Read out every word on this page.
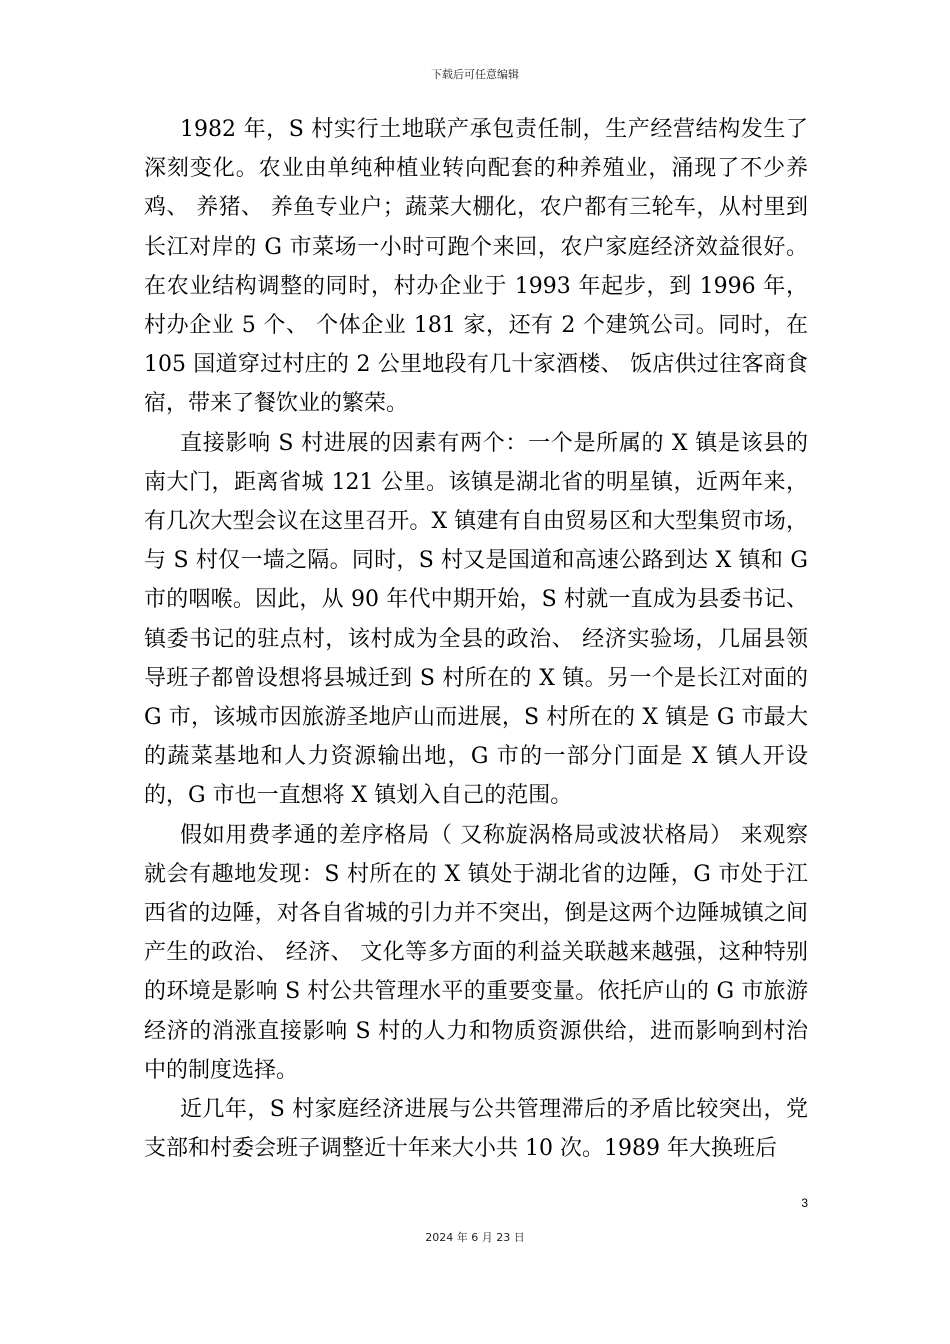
下载后可任意编辑

1982 年，S 村实行土地联产承包责任制，生产经营结构发生了深刻变化。农业由单纯种植业转向配套的种养殖业，涌现了不少养鸡、 养猪、 养鱼专业户；蔬菜大棚化，农户都有三轮车，从村里到长江对岸的 G 市菜场一小时可跑个来回，农户家庭经济效益很好。在农业结构调整的同时，村办企业于 1993 年起步，到 1996 年，村办企业 5 个、 个体企业 181 家，还有 2 个建筑公司。同时，在 105 国道穿过村庄的 2 公里地段有几十家酒楼、 饭店供过往客商食宿，带来了餐饮业的繁荣。

直接影响 S 村进展的因素有两个：一个是所属的 X 镇是该县的南大门，距离省城 121 公里。该镇是湖北省的明星镇，近两年来，有几次大型会议在这里召开。X 镇建有自由贸易区和大型集贸市场，与 S 村仅一墙之隔。同时，S 村又是国道和高速公路到达 X 镇和 G 市的咽喉。因此，从 90 年代中期开始，S 村就一直成为县委书记、 镇委书记的驻点村，该村成为全县的政治、 经济实验场，几届县领导班子都曾设想将县城迁到 S 村所在的 X 镇。另一个是长江对面的 G 市，该城市因旅游圣地庐山而进展，S 村所在的 X 镇是 G 市最大的蔬菜基地和人力资源输出地，G 市的一部分门面是 X 镇人开设的，G 市也一直想将 X 镇划入自己的范围。

假如用费孝通的差序格局（ 又称旋涡格局或波状格局） 来观察就会有趣地发现：S 村所在的 X 镇处于湖北省的边陲，G 市处于江西省的边陲，对各自省城的引力并不突出，倒是这两个边陲城镇之间产生的政治、 经济、 文化等多方面的利益关联越来越强，这种特别的环境是影响 S 村公共管理水平的重要变量。依托庐山的 G 市旅游经济的消涨直接影响 S 村的人力和物质资源供给，进而影响到村治中的制度选择。

近几年，S 村家庭经济进展与公共管理滞后的矛盾比较突出，党支部和村委会班子调整近十年来大小共 10 次。1989 年大换班后

3
2024 年 6 月 23 日
